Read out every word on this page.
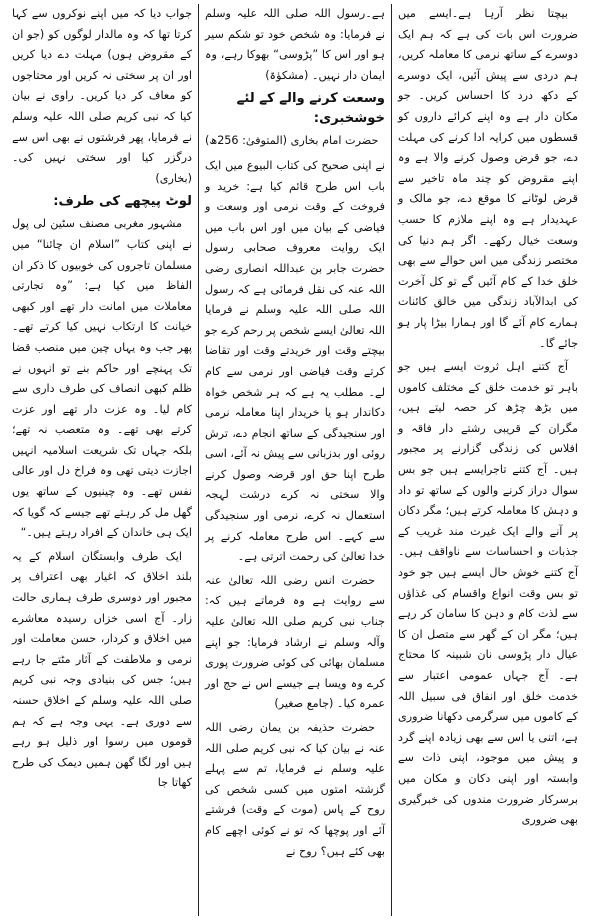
بیچتا نظر آرہا ہے۔ایسے میں ضرورت اس بات کی ہے کہ ہم ایک دوسرے کے ساتھ نرمی کا معاملہ کریں، ہم دردی سے پیش آئیں، ایک دوسرے کے دکھ درد کا احساس کریں۔ جو مکان دار ہے وہ اپنے کرائے داروں کو قسطوں میں کرایہ ادا کرنے کی مہلت دے، جو قرض وصول کرنے والا ہے وہ اپنے مقروض کو چند ماہ تاخیر سے قرض لوٹانے کا موقع دے، جو مالک و عہدیدار ہے وہ اپنے ملازم کا حسب وسعت خیال رکھے۔ اگر ہم دنیا کی مختصر زندگی میں اس حوالے سے بھی خلق خدا کے کام آئیں گے تو کل آخرت کی ابدالآباد زندگی میں خالق کائنات ہمارے کام آئے گا اور ہمارا بیڑا پار ہو جائے گا۔

آج کتنے اہل ثروت ایسے ہیں جو باہر تو خدمت خلق کے مختلف کاموں میں بڑھ چڑھ کر حصہ لیتے ہیں، مگران کے قریبی رشتے دار فاقہ و افلاس کی زندگی گزارنے پر مجبور ہیں۔ آج کتنے تاجرایسے ہیں جو بس سوال دراز کرنے والوں کے ساتھ تو داد و دہش کا معاملہ کرتے ہیں؛ مگر دکان پر آنے والے ایک غیرت مند غریب کے جذبات و احساسات سے ناواقف ہیں۔ آج کتنے خوش حال ایسے ہیں جو خود تو بس وقت انواع واقسام کی غذاؤں سے لذت کام و دہن کا سامان کر رہے ہیں؛ مگر ان کے گھر سے متصل ان کا عیال دار پڑوسی نان شبینہ کا محتاج ہے۔ آج جہاں عمومی اعتبار سے خدمت خلق اور انفاق فی سبیل اللہ کے کاموں میں سرگرمی دکھانا ضروری ہے، اتنی یا اس سے بھی زیادہ اپنے گرد و پیش میں موجود، اپنی ذات سے وابستہ اور اپنی دکان و مکان میں برسرکار ضرورت مندوں کی خبرگیری بھی ضروری

ہے۔رسول اللہ صلی اللہ علیہ وسلم نے فرمایا: وہ شخص خود تو شکم سیر ہو اور اس کا ”پڑوسی“ بھوکا رہے، وہ ایمان دار نہیں۔ (مشکوٰۃ)

وسعت کرنے والے کے لئے خوشخبری:
حضرت امام بخاری (المتوفیٰ: 256ھ)

نے اپنی صحیح کی کتاب البیوع میں ایک باب اس طرح قائم کیا ہے: خرید و فروخت کے وقت نرمی اور وسعت و فیاضی کے بیان میں اور اس باب میں ایک روایت معروف صحابی رسول حضرت جابر بن عبداللہ انصاری رضی اللہ عنہ کی نقل فرمائی ہے کہ رسول اللہ صلی اللہ علیہ وسلم نے فرمایا اللہ تعالیٰ ایسے شخص پر رحم کرے جو بیچتے وقت اور خریدتے وقت اور تقاضا کرتے وقت فیاضی اور نرمی سے کام لے۔ مطلب یہ ہے کہ ہر شخص خواہ دکاندار ہو یا خریدار اپنا معاملہ نرمی اور سنجیدگی کے ساتھ انجام دے، ترش روئی اور بدزبانی سے پیش نہ آئے، اسی طرح اپنا حق اور قرضہ وصول کرنے والا سختی نہ کرے درشت لہجہ استعمال نہ کرے، نرمی اور سنجیدگی سے کہے۔ اس طرح معاملہ کرنے پر خدا تعالیٰ کی رحمت اترتی ہے۔

حضرت انس رضی اللہ تعالیٰ عنہ سے روایت ہے وہ فرماتے ہیں کہ: جناب نبی کریم صلی اللہ تعالیٰ علیہ وآلہ وسلم نے ارشاد فرمایا: جو اپنے مسلمان بھائی کی کوئی ضرورت پوری کرے وہ ویسا ہے جیسے اس نے حج اور عمرہ کیا۔ (جامع صغیر)

حضرت حذیفہ بن یمان رضی اللہ عنہ نے بیان کیا کہ نبی کریم صلی اللہ علیہ وسلم نے فرمایا، تم سے پہلے گزشتہ امتوں میں کسی شخص کی روح کے پاس (موت کے وقت) فرشتے آئے اور پوچھا کہ تو نے کوئی اچھے کام بھی کئے ہیں؟ روح نے

جواب دیا کہ میں اپنے نوکروں سے کہا کرتا تھا کہ وہ مالدار لوگوں کو (جو ان کے مقروض ہوں) مہلت دے دیا کریں اور ان پر سختی نہ کریں اور محتاجوں کو معاف کر دیا کریں۔ راوی نے بیان کیا کہ نبی کریم صلی اللہ علیہ وسلم نے فرمایا، پھر فرشتوں نے بھی اس سے درگزر کیا اور سختی نہیں کی۔ (بخاری)

لوٹ پیچھے کی طرف:

مشہور مغربی مصنف سٹین لی پول نے اپنی کتاب ”اسلام ان چائنا“ میں مسلمان تاجروں کی خوبیوں کا ذکر ان الفاظ میں کیا ہے: ”وہ تجارتی معاملات میں امانت دار تھے اور کبھی خیانت کا ارتکاب نہیں کیا کرتے تھے۔ پھر جب وہ یہاں چین میں منصب قضا تک پہنچے اور حاکم بنے تو انہوں نے ظلم کبھی انصاف کی طرف داری سے کام لیا۔ وہ عزت دار تھے اور عزت کرتے بھی تھے۔ وہ متعصب نہ تھے؛ بلکہ جہاں تک شریعت اسلامیہ انہیں اجازت دیتی تھی وہ فراخ دل اور عالی نفس تھے۔ وہ چینیوں کے ساتھ یوں گھل مل کر رہتے تھے جیسے کہ گویا کہ ایک ہی خاندان کے افراد رہتے ہیں۔“

ایک طرف وابستگان اسلام کے یہ بلند اخلاق کہ اغیار بھی اعتراف پر مجبور اور دوسری طرف ہماری حالت زار۔ آج اسی خزاں رسیدہ معاشرے میں اخلاق و کردار، حسن معاملت اور نرمی و ملاطفت کے آثار مٹتے جا رہے ہیں؛ جس کی بنیادی وجہ نبی کریم صلی اللہ علیہ وسلم کے اخلاق حسنہ سے دوری ہے۔ یہی وجہ ہے کہ ہم قوموں میں رسوا اور ذلیل ہو رہے ہیں اور لگا گھن ہمیں دیمک کی طرح کھاتا جا
